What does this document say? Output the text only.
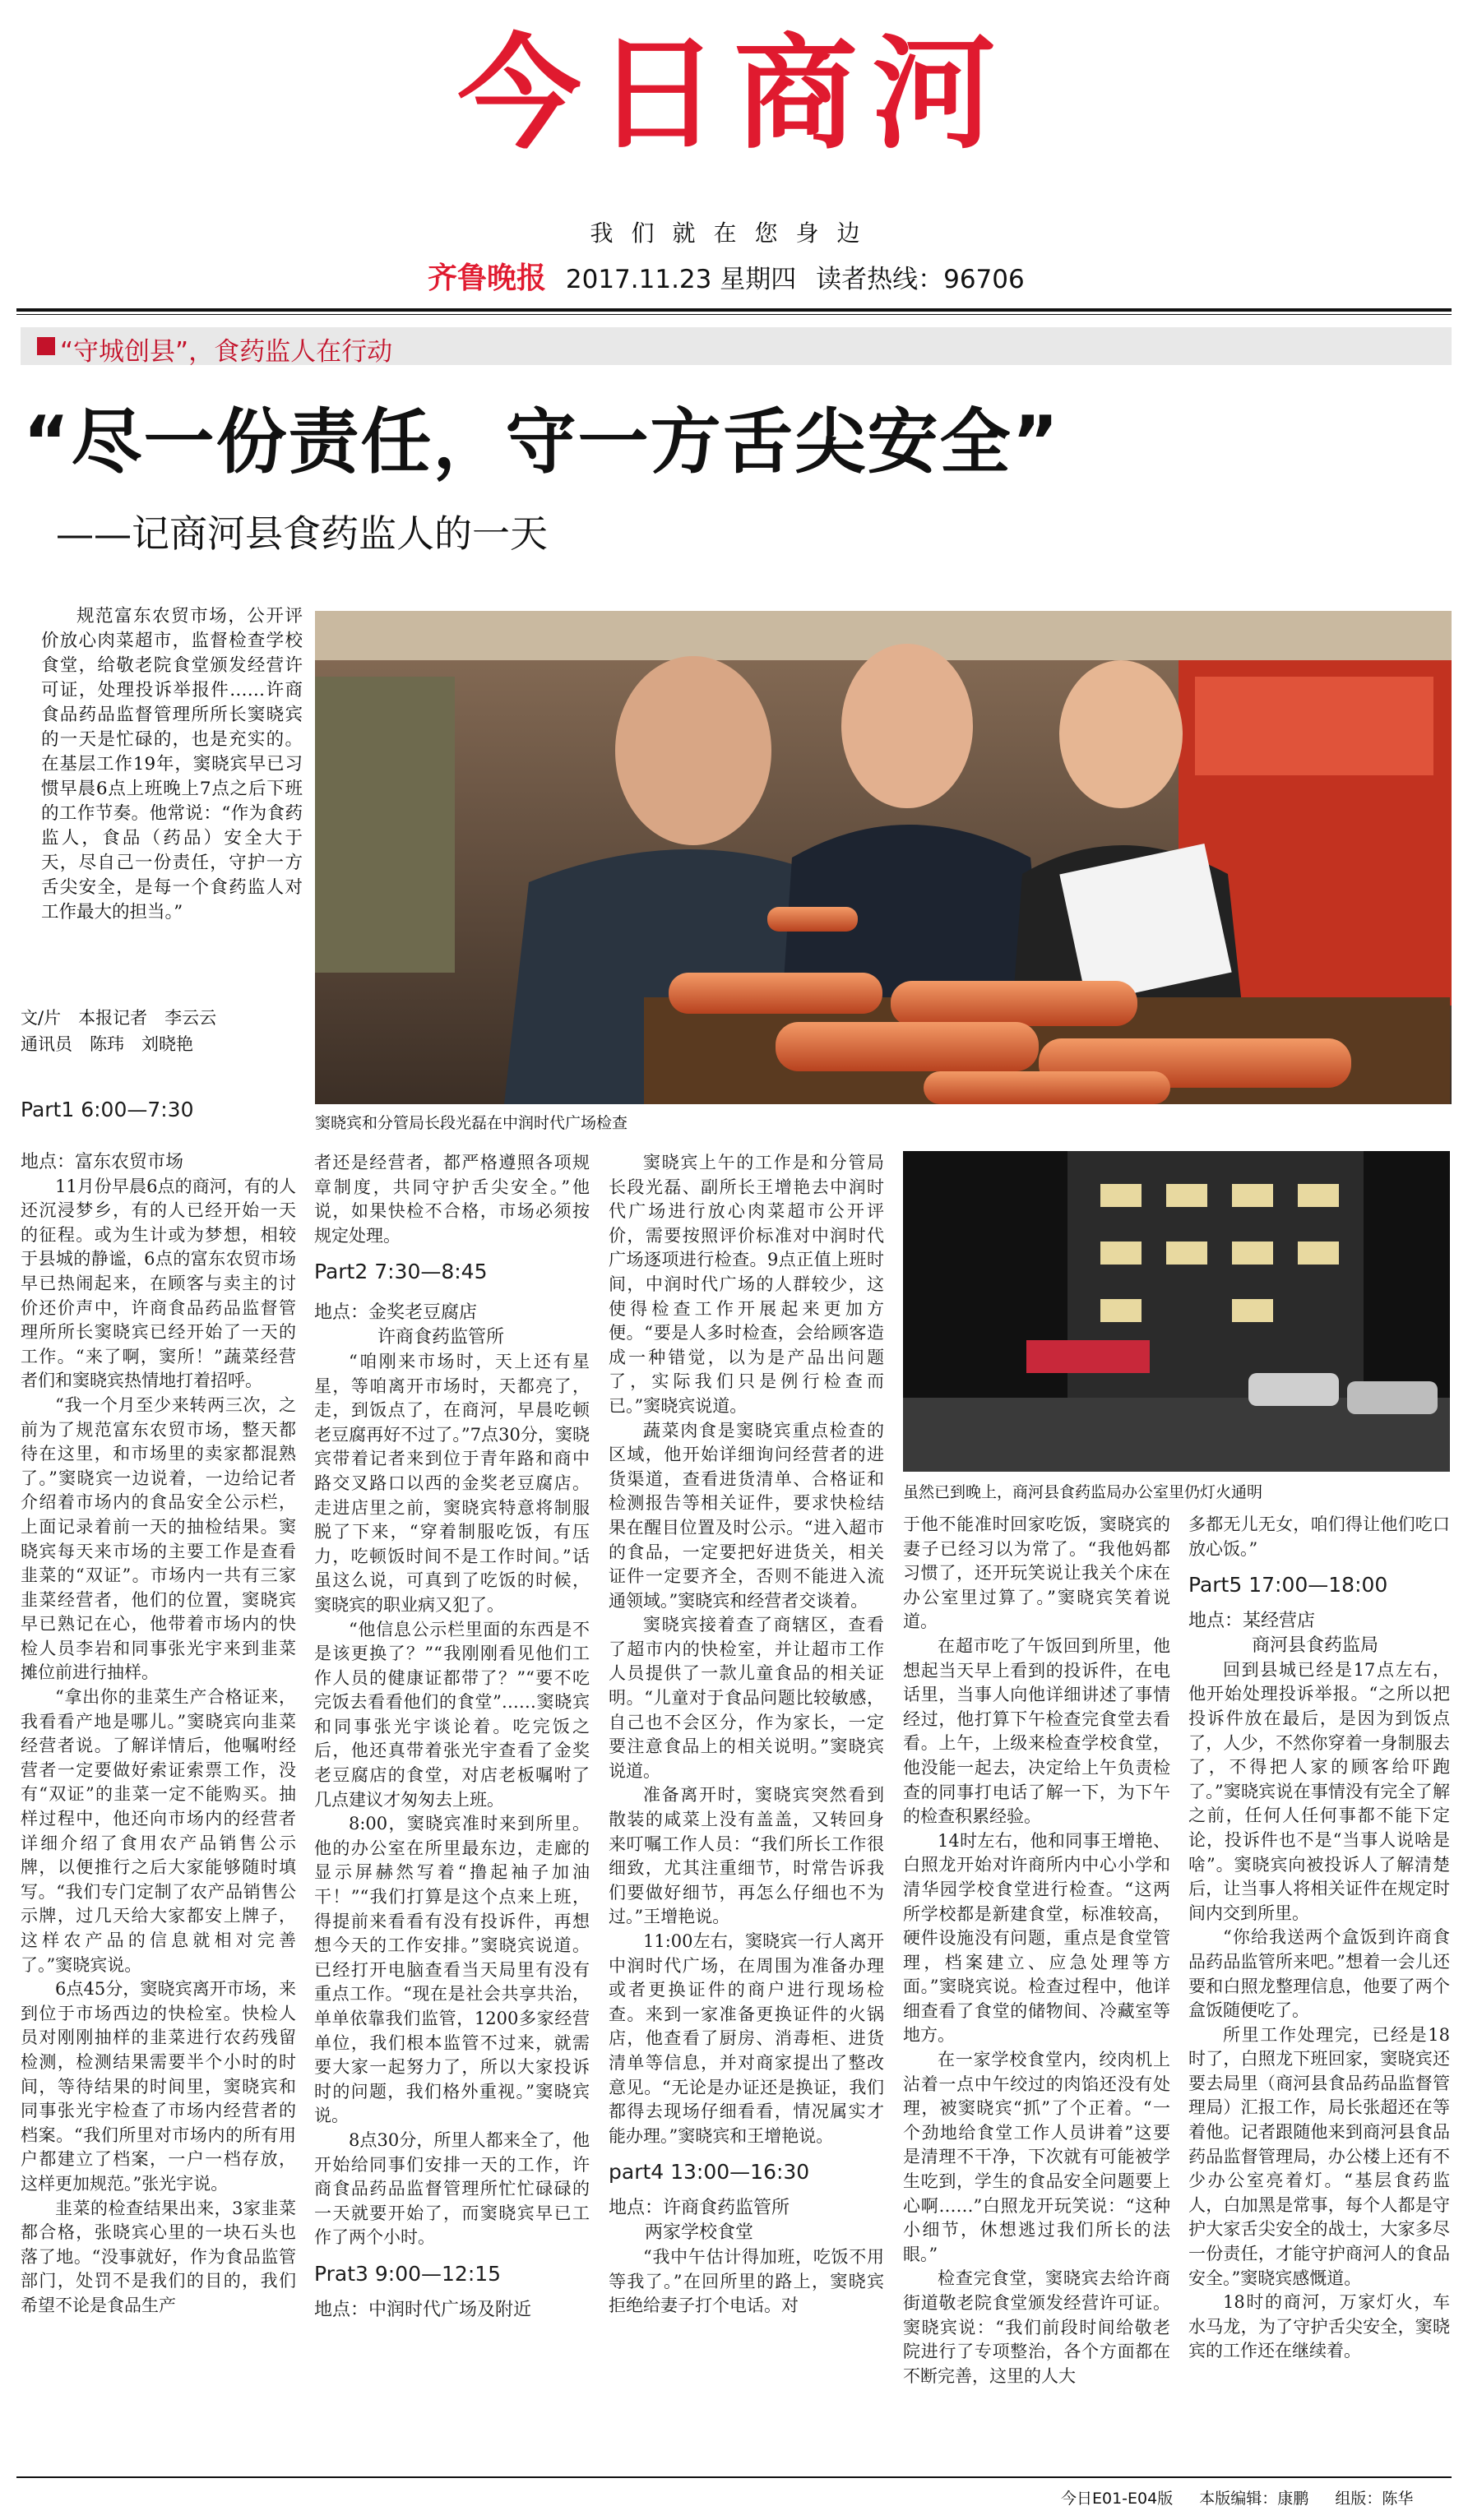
今日商河
我们就在您身边
齐鲁晚报 2017.11.23 星期四 读者热线：96706
“守城创县”，食药监人在行动
“尽一份责任，守一方舌尖安全”
——记商河县食药监人的一天
规范富东农贸市场，公开评价放心肉菜超市，监督检查学校食堂，给敬老院食堂颁发经营许可证，处理投诉举报件……许商食品药品监督管理所所长窦晓宾的一天是忙碌的，也是充实的。在基层工作19年，窦晓宾早已习惯早晨6点上班晚上7点之后下班的工作节奏。他常说：“作为食药监人，食品（药品）安全大于天，尽自己一份责任，守护一方舌尖安全，是每一个食药监人对工作最大的担当。”
文/片　本报记者　李云云
通讯员　陈玮　刘晓艳
窦晓宾和分管局长段光磊在中润时代广场检查
虽然已到晚上，商河县食药监局办公室里仍灯火通明
Part1 6:00—7:30

地点：富东农贸市场

11月份早晨6点的商河，有的人还沉浸梦乡，有的人已经开始一天的征程。或为生计或为梦想，相较于县城的静谧，6点的富东农贸市场早已热闹起来，在顾客与卖主的讨价还价声中，许商食品药品监督管理所所长窦晓宾已经开始了一天的工作。“来了啊，窦所！”蔬菜经营者们和窦晓宾热情地打着招呼。

“我一个月至少来转两三次，之前为了规范富东农贸市场，整天都待在这里，和市场里的卖家都混熟了。”窦晓宾一边说着，一边给记者介绍着市场内的食品安全公示栏，上面记录着前一天的抽检结果。窦晓宾每天来市场的主要工作是查看韭菜的“双证”。市场内一共有三家韭菜经营者，他们的位置，窦晓宾早已熟记在心，他带着市场内的快检人员李岩和同事张光宇来到韭菜摊位前进行抽样。

“拿出你的韭菜生产合格证来，我看看产地是哪儿。”窦晓宾向韭菜经营者说。了解详情后，他嘱咐经营者一定要做好索证索票工作，没有“双证”的韭菜一定不能购买。抽样过程中，他还向市场内的经营者详细介绍了食用农产品销售公示牌，以便推行之后大家能够随时填写。“我们专门定制了农产品销售公示牌，过几天给大家都安上牌子，这样农产品的信息就相对完善了。”窦晓宾说。

6点45分，窦晓宾离开市场，来到位于市场西边的快检室。快检人员对刚刚抽样的韭菜进行农药残留检测，检测结果需要半个小时的时间，等待结果的时间里，窦晓宾和同事张光宇检查了市场内经营者的档案。“我们所里对市场内的所有用户都建立了档案，一户一档存放，这样更加规范。”张光宇说。

韭菜的检查结果出来，3家韭菜都合格，张晓宾心里的一块石头也落了地。“没事就好，作为食品监管部门，处罚不是我们的目的，我们希望不论是食品生产

者还是经营者，都严格遵照各项规章制度，共同守护舌尖安全。”他说，如果快检不合格，市场必须按规定处理。

Part2 7:30—8:45

地点：金奖老豆腐店

许商食药监管所

“咱刚来市场时，天上还有星星，等咱离开市场时，天都亮了，走，到饭点了，在商河，早晨吃顿老豆腐再好不过了。”7点30分，窦晓宾带着记者来到位于青年路和商中路交叉路口以西的金奖老豆腐店。走进店里之前，窦晓宾特意将制服脱了下来，“穿着制服吃饭，有压力，吃顿饭时间不是工作时间。”话虽这么说，可真到了吃饭的时候，窦晓宾的职业病又犯了。

“他信息公示栏里面的东西是不是该更换了？”“我刚刚看见他们工作人员的健康证都带了？”“要不吃完饭去看看他们的食堂”……窦晓宾和同事张光宇谈论着。吃完饭之后，他还真带着张光宇查看了金奖老豆腐店的食堂，对店老板嘱咐了几点建议才匆匆去上班。

8:00，窦晓宾准时来到所里。他的办公室在所里最东边，走廊的显示屏赫然写着“撸起袖子加油干！”“我们打算是这个点来上班，得提前来看看有没有投诉件，再想想今天的工作安排。”窦晓宾说道。已经打开电脑查看当天局里有没有重点工作。“现在是社会共享共治，单单依靠我们监管，1200多家经营单位，我们根本监管不过来，就需要大家一起努力了，所以大家投诉时的问题，我们格外重视。”窦晓宾说。

8点30分，所里人都来全了，他开始给同事们安排一天的工作，许商食品药品监督管理所忙忙碌碌的一天就要开始了，而窦晓宾早已工作了两个小时。

Prat3 9:00—12:15

地点：中润时代广场及附近

窦晓宾上午的工作是和分管局长段光磊、副所长王增艳去中润时代广场进行放心肉菜超市公开评价，需要按照评价标准对中润时代广场逐项进行检查。9点正值上班时间，中润时代广场的人群较少，这使得检查工作开展起来更加方便。“要是人多时检查，会给顾客造成一种错觉，以为是产品出问题了，实际我们只是例行检查而已。”窦晓宾说道。

蔬菜肉食是窦晓宾重点检查的区域，他开始详细询问经营者的进货渠道，查看进货清单、合格证和检测报告等相关证件，要求快检结果在醒目位置及时公示。“进入超市的食品，一定要把好进货关，相关证件一定要齐全，否则不能进入流通领域。”窦晓宾和经营者交谈着。

窦晓宾接着查了商辖区，查看了超市内的快检室，并让超市工作人员提供了一款儿童食品的相关证明。“儿童对于食品问题比较敏感，自己也不会区分，作为家长，一定要注意食品上的相关说明。”窦晓宾说道。

准备离开时，窦晓宾突然看到散装的咸菜上没有盖盖，又转回身来叮嘱工作人员：“我们所长工作很细致，尤其注重细节，时常告诉我们要做好细节，再怎么仔细也不为过。”王增艳说。

11:00左右，窦晓宾一行人离开中润时代广场，在周围为准备办理或者更换证件的商户进行现场检查。来到一家准备更换证件的火锅店，他查看了厨房、消毒柜、进货清单等信息，并对商家提出了整改意见。“无论是办证还是换证，我们都得去现场仔细看看，情况属实才能办理。”窦晓宾和王增艳说。

part4 13:00—16:30

地点：许商食药监管所

两家学校食堂

“我中午估计得加班，吃饭不用等我了。”在回所里的路上，窦晓宾拒绝给妻子打个电话。对

于他不能准时回家吃饭，窦晓宾的妻子已经习以为常了。“我他妈都习惯了，还开玩笑说让我关个床在办公室里过算了。”窦晓宾笑着说道。

在超市吃了午饭回到所里，他想起当天早上看到的投诉件，在电话里，当事人向他详细讲述了事情经过，他打算下午检查完食堂去看看。上午，上级来检查学校食堂，他没能一起去，决定给上午负责检查的同事打电话了解一下，为下午的检查积累经验。

14时左右，他和同事王增艳、白照龙开始对许商所内中心小学和清华园学校食堂进行检查。“这两所学校都是新建食堂，标准较高，硬件设施没有问题，重点是食堂管理，档案建立、应急处理等方面。”窦晓宾说。检查过程中，他详细查看了食堂的储物间、冷藏室等地方。

在一家学校食堂内，绞肉机上沾着一点中午绞过的肉馅还没有处理，被窦晓宾“抓”了个正着。“一个劲地给食堂工作人员讲着”这要是清理不干净，下次就有可能被学生吃到，学生的食品安全问题要上心啊……”白照龙开玩笑说：“这种小细节，休想逃过我们所长的法眼。”

检查完食堂，窦晓宾去给许商街道敬老院食堂颁发经营许可证。窦晓宾说：“我们前段时间给敬老院进行了专项整治，各个方面都在不断完善，这里的人大

多都无儿无女，咱们得让他们吃口放心饭。”

Part5 17:00—18:00

地点：某经营店

商河县食药监局

回到县城已经是17点左右，他开始处理投诉举报。“之所以把投诉件放在最后，是因为到饭点了，人少，不然你穿着一身制服去了，不得把人家的顾客给吓跑了。”窦晓宾说在事情没有完全了解之前，任何人任何事都不能下定论，投诉件也不是“当事人说啥是啥”。窦晓宾向被投诉人了解清楚后，让当事人将相关证件在规定时间内交到所里。

“你给我送两个盒饭到许商食品药品监管所来吧。”想着一会儿还要和白照龙整理信息，他要了两个盒饭随便吃了。

所里工作处理完，已经是18时了，白照龙下班回家，窦晓宾还要去局里（商河县食品药品监督管理局）汇报工作，局长张超还在等着他。记者跟随他来到商河县食品药品监督管理局，办公楼上还有不少办公室亮着灯。“基层食药监人，白加黑是常事，每个人都是守护大家舌尖安全的战士，大家多尽一份责任，才能守护商河人的食品安全。”窦晓宾感慨道。

18时的商河，万家灯火，车水马龙，为了守护舌尖安全，窦晓宾的工作还在继续着。

今日E01-E04版 本版编辑：康鹏 组版：陈华
